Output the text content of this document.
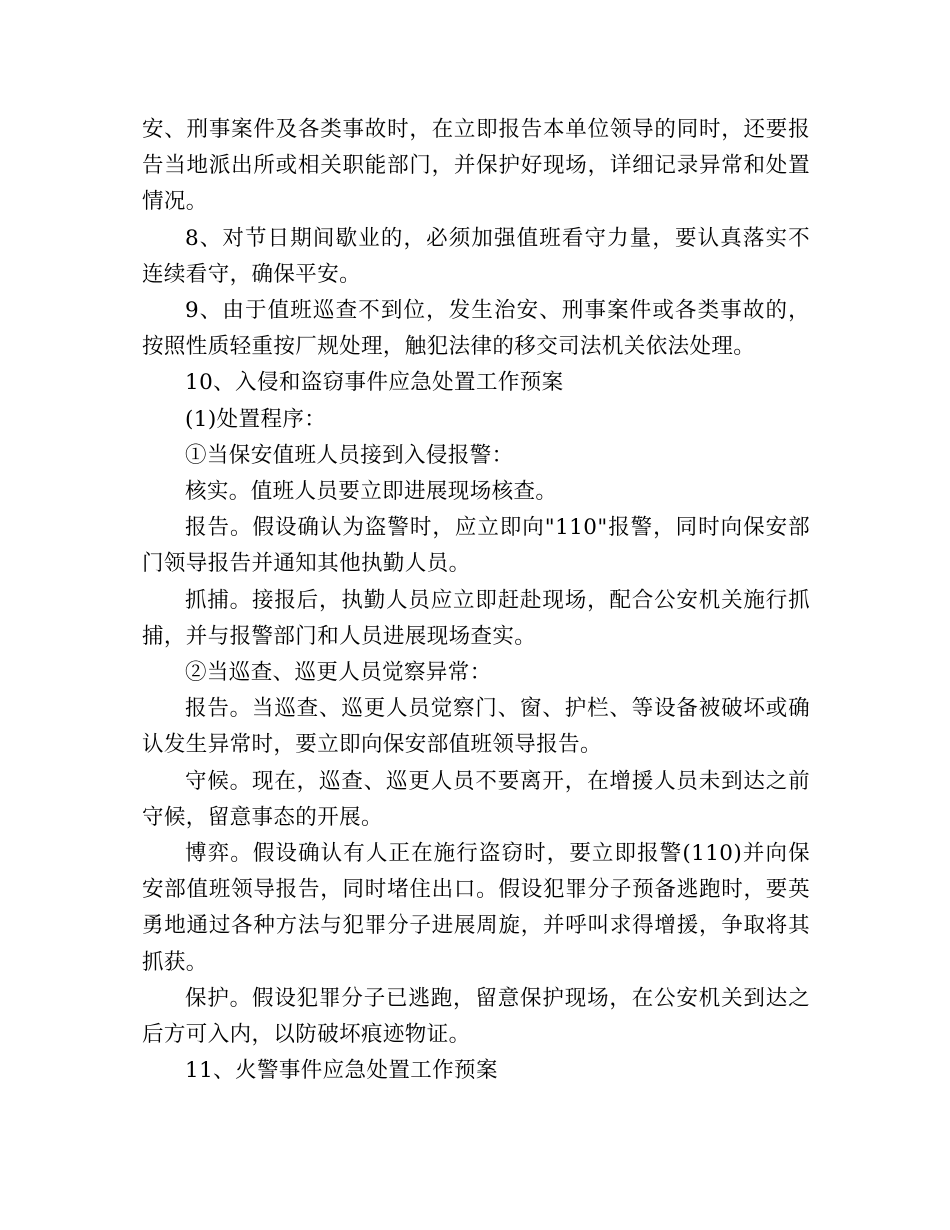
安、刑事案件及各类事故时，在立即报告本单位领导的同时，还要报告当地派出所或相关职能部门，并保护好现场，详细记录异常和处置情况。

8、对节日期间歇业的，必须加强值班看守力量，要认真落实不连续看守，确保平安。

9、由于值班巡查不到位，发生治安、刑事案件或各类事故的，按照性质轻重按厂规处理，触犯法律的移交司法机关依法处理。

10、入侵和盗窃事件应急处置工作预案

(1)处置程序：

①当保安值班人员接到入侵报警：

核实。值班人员要立即进展现场核查。

报告。假设确认为盗警时，应立即向"110"报警，同时向保安部门领导报告并通知其他执勤人员。

抓捕。接报后，执勤人员应立即赶赴现场，配合公安机关施行抓捕，并与报警部门和人员进展现场查实。

②当巡查、巡更人员觉察异常：

报告。当巡查、巡更人员觉察门、窗、护栏、等设备被破坏或确认发生异常时，要立即向保安部值班领导报告。

守候。现在，巡查、巡更人员不要离开，在增援人员未到达之前守候，留意事态的开展。

博弈。假设确认有人正在施行盗窃时，要立即报警(110)并向保安部值班领导报告，同时堵住出口。假设犯罪分子预备逃跑时，要英勇地通过各种方法与犯罪分子进展周旋，并呼叫求得增援，争取将其抓获。

保护。假设犯罪分子已逃跑，留意保护现场，在公安机关到达之后方可入内，以防破坏痕迹物证。

11、火警事件应急处置工作预案
